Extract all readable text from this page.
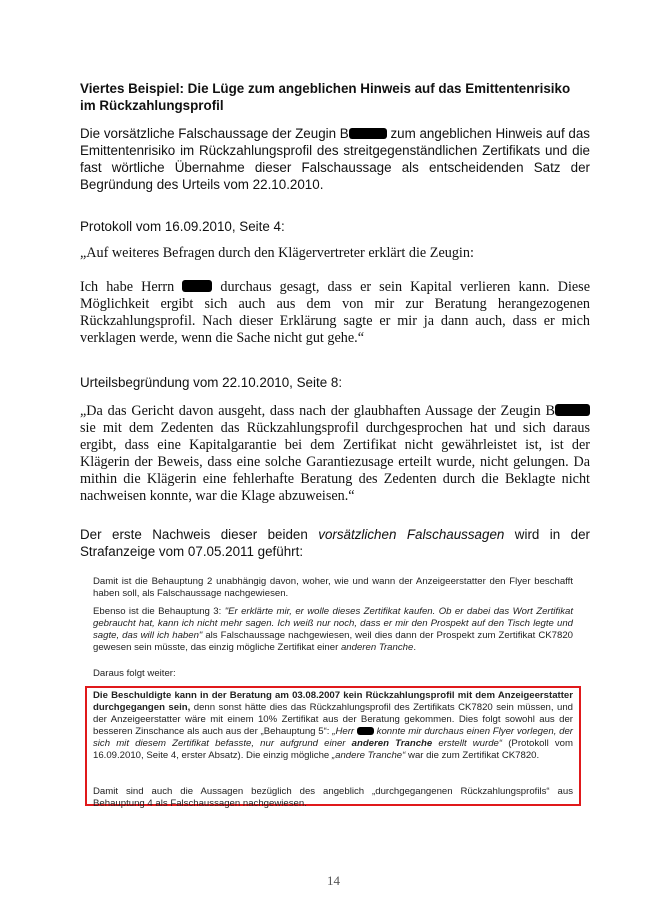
Viertes Beispiel: Die Lüge zum angeblichen Hinweis auf das Emittentenrisiko
im Rückzahlungsprofil

Die vorsätzliche Falschaussage der Zeugin B	zum angeblichen Hinweis auf das Emittentenrisiko im Rückzahlungsprofil des streitgegenständlichen Zertifikats und die fast wörtliche Übernahme dieser Falschaussage als entscheidenden Satz der Begründung des Urteils vom 22.10.2010.

Protokoll vom 16.09.2010, Seite 4:

„Auf weiteres Befragen durch den Klägervertreter erklärt die Zeugin:

Ich habe Herrn  durchaus gesagt, dass er sein Kapital verlieren kann. Diese Möglichkeit ergibt sich auch aus dem von mir zur Beratung herangezogenen Rückzahlungsprofil. Nach dieser Erklärung sagte er mir ja dann auch, dass er mich verklagen werde, wenn die Sache nicht gut gehe.“

Urteilsbegründung vom 22.10.2010, Seite 8:

„Da das Gericht davon ausgeht, dass nach der glaubhaften Aussage der Zeugin B sie mit dem Zedenten das Rückzahlungsprofil durchgesprochen hat und sich daraus ergibt, dass eine Kapitalgarantie bei dem Zertifikat nicht gewährleistet ist, ist der Klägerin der Beweis, dass eine solche Garantiezusage erteilt wurde, nicht gelungen. Da mithin die Klägerin eine fehlerhafte Beratung des Zedenten durch die Beklagte nicht nachweisen konnte, war die Klage abzuweisen.“

Der erste Nachweis dieser beiden vorsätzlichen Falschaussagen wird in der Strafanzeige vom 07.05.2011 geführt:

Damit ist die Behauptung 2 unabhängig davon, woher, wie und wann der Anzeigeerstatter den Flyer beschafft haben soll, als Falschaussage nachgewiesen.

Ebenso ist die Behauptung 3: "Er erklärte mir, er wolle dieses Zertifikat kaufen. Ob er dabei das Wort Zertifikat gebraucht hat, kann ich nicht mehr sagen. Ich weiß nur noch, dass er mir den Prospekt auf den Tisch legte und sagte, das will ich haben" als Falschaussage nachgewiesen, weil dies dann der Prospekt zum Zertifikat CK7820 gewesen sein müsste, das einzig mögliche Zertifikat einer anderen Tranche.

Daraus folgt weiter:

Die Beschuldigte kann in der Beratung am 03.08.2007 kein Rückzahlungsprofil mit dem Anzeigeerstatter durchgegangen sein, denn sonst hätte dies das Rückzahlungsprofil des Zertifikats CK7820 sein müssen, und der Anzeigeerstatter wäre mit einem 10% Zertifikat aus der Beratung gekommen. Dies folgt sowohl aus der besseren Zinschance als auch aus der „Behauptung 5“: „Herr  konnte mir durchaus einen Flyer vorlegen, der sich mit diesem Zertifikat befasste, nur aufgrund einer anderen Tranche erstellt wurde“ (Protokoll vom 16.09.2010, Seite 4, erster Absatz). Die einzig mögliche „andere Tranche“ war die zum Zertifikat CK7820.

Damit sind auch die Aussagen bezüglich des angeblich „durchgegangenen Rückzahlungsprofils“ aus Behauptung 4 als Falschaussagen nachgewiesen.

14
